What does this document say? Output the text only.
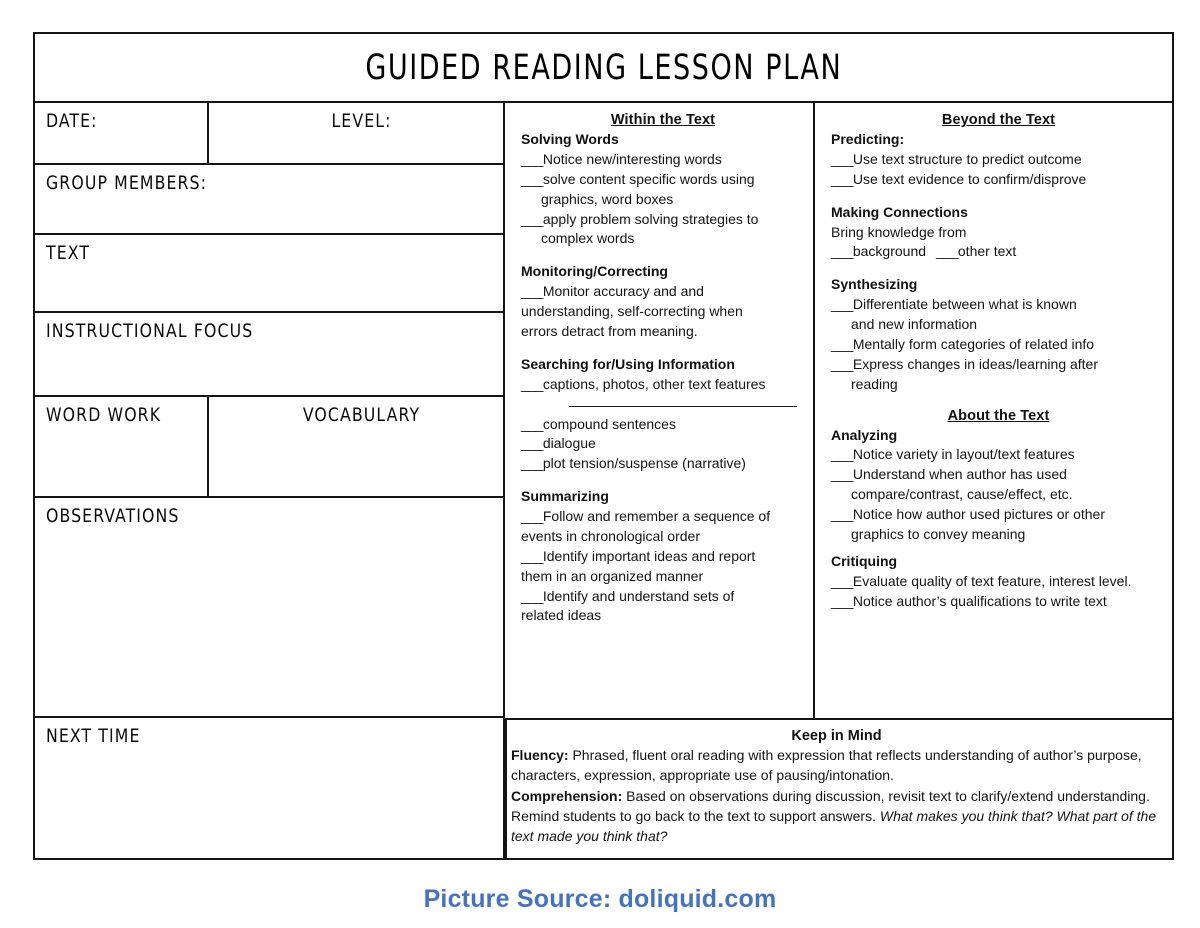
GUIDED READING LESSON PLAN
DATE:	LEVEL:
GROUP MEMBERS:
TEXT
INSTRUCTIONAL FOCUS
WORD WORK	VOCABULARY
OBSERVATIONS
NEXT TIME
Within the Text
Solving Words
___ Notice new/interesting words
___ solve content specific words using
graphics, word boxes
___ apply problem solving strategies to
complex words
Monitoring/Correcting
___ Monitor accuracy and and
understanding, self-correcting when
errors detract from meaning.
Searching for/Using Information
___ captions, photos, other text features
___ compound sentences
___ dialogue
___ plot tension/suspense (narrative)
Summarizing
___ Follow and remember a sequence of
events in chronological order
___ Identify important ideas and report
them in an organized manner
___ Identify and understand sets of
related ideas
Beyond the Text
Predicting:
___ Use text structure to predict outcome
___ Use text evidence to confirm/disprove
Making Connections
Bring knowledge from
___ background ___ other text
Synthesizing
___ Differentiate between what is known
and new information
___ Mentally form categories of related info
___ Express changes in ideas/learning after
reading
About the Text
Analyzing
___ Notice variety in layout/text features
___ Understand when author has used
compare/contrast, cause/effect, etc.
___ Notice how author used pictures or other
graphics to convey meaning
Critiquing
___ Evaluate quality of text feature, interest level.
___ Notice author’s qualifications to write text
Keep in Mind
Fluency: Phrased, fluent oral reading with expression that reflects understanding of author’s purpose, characters, expression, appropriate use of pausing/intonation.
Comprehension: Based on observations during discussion, revisit text to clarify/extend understanding. Remind students to go back to the text to support answers. What makes you think that? What part of the text made you think that?
Picture Source: doliquid.com
